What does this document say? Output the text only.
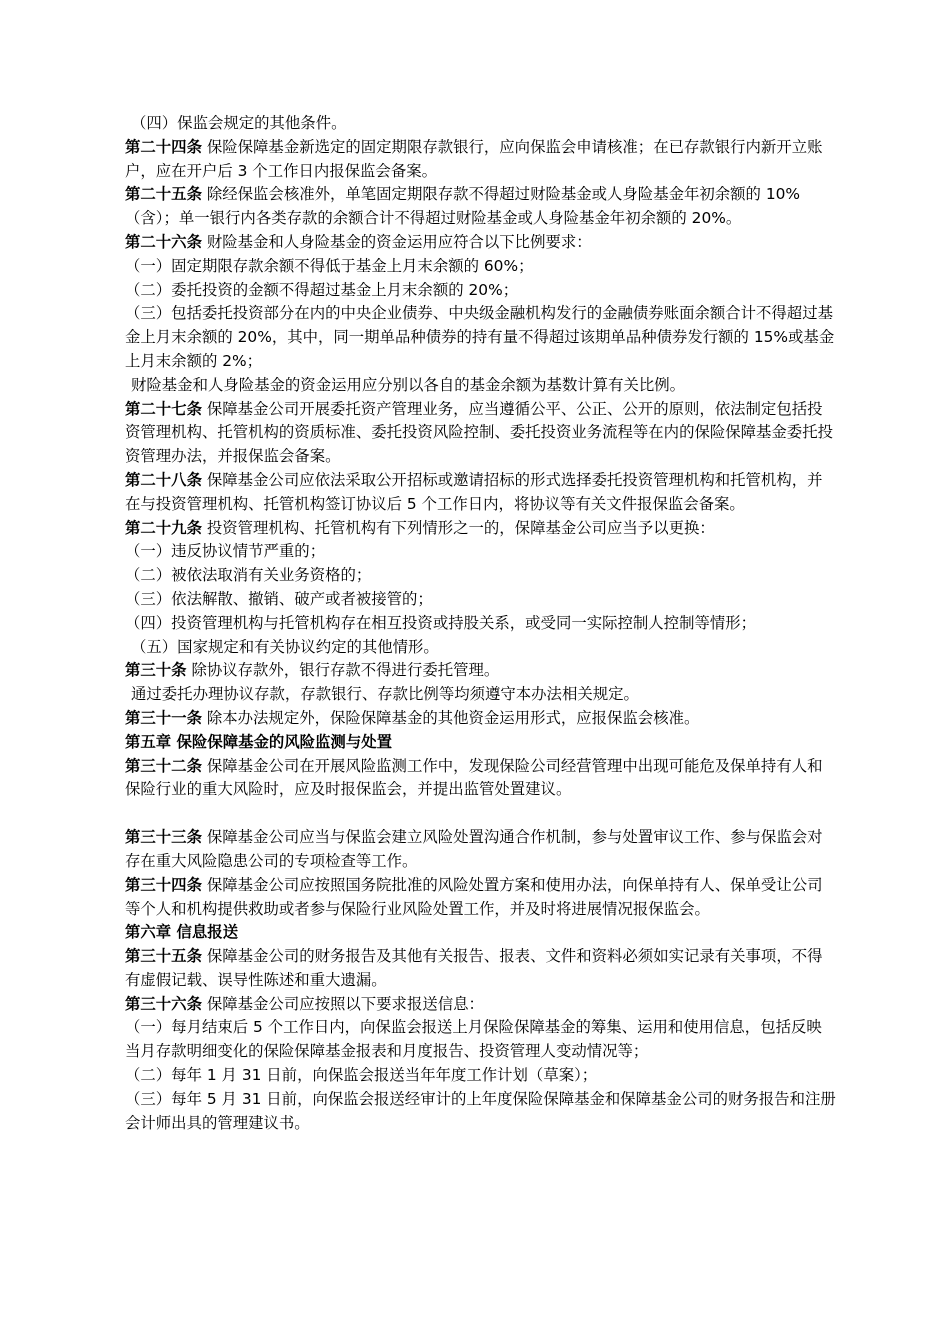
（四）保监会规定的其他条件。

第二十四条 保险保障基金新选定的固定期限存款银行，应向保监会申请核准；在已存款银行内新开立账户，应在开户后 3 个工作日内报保监会备案。

第二十五条 除经保监会核准外，单笔固定期限存款不得超过财险基金或人身险基金年初余额的 10%（含）；单一银行内各类存款的余额合计不得超过财险基金或人身险基金年初余额的 20%。

第二十六条 财险基金和人身险基金的资金运用应符合以下比例要求：

（一）固定期限存款余额不得低于基金上月末余额的 60%；

（二）委托投资的金额不得超过基金上月末余额的 20%；

（三）包括委托投资部分在内的中央企业债券、中央级金融机构发行的金融债券账面余额合计不得超过基金上月末余额的 20%，其中，同一期单品种债券的持有量不得超过该期单品种债券发行额的 15%或基金上月末余额的 2%；

财险基金和人身险基金的资金运用应分别以各自的基金余额为基数计算有关比例。

第二十七条 保障基金公司开展委托资产管理业务，应当遵循公平、公正、公开的原则，依法制定包括投资管理机构、托管机构的资质标准、委托投资风险控制、委托投资业务流程等在内的保险保障基金委托投资管理办法，并报保监会备案。

第二十八条 保障基金公司应依法采取公开招标或邀请招标的形式选择委托投资管理机构和托管机构，并在与投资管理机构、托管机构签订协议后 5 个工作日内，将协议等有关文件报保监会备案。

第二十九条 投资管理机构、托管机构有下列情形之一的，保障基金公司应当予以更换：

（一）违反协议情节严重的；

（二）被依法取消有关业务资格的；

（三）依法解散、撤销、破产或者被接管的；

（四）投资管理机构与托管机构存在相互投资或持股关系，或受同一实际控制人控制等情形；

（五）国家规定和有关协议约定的其他情形。

第三十条 除协议存款外，银行存款不得进行委托管理。

通过委托办理协议存款，存款银行、存款比例等均须遵守本办法相关规定。

第三十一条 除本办法规定外，保险保障基金的其他资金运用形式，应报保监会核准。

第五章 保险保障基金的风险监测与处置

第三十二条 保障基金公司在开展风险监测工作中，发现保险公司经营管理中出现可能危及保单持有人和保险行业的重大风险时，应及时报保监会，并提出监管处置建议。

第三十三条 保障基金公司应当与保监会建立风险处置沟通合作机制，参与处置审议工作、参与保监会对存在重大风险隐患公司的专项检查等工作。

第三十四条 保障基金公司应按照国务院批准的风险处置方案和使用办法，向保单持有人、保单受让公司等个人和机构提供救助或者参与保险行业风险处置工作，并及时将进展情况报保监会。

第六章 信息报送

第三十五条 保障基金公司的财务报告及其他有关报告、报表、文件和资料必须如实记录有关事项，不得有虚假记载、误导性陈述和重大遗漏。

第三十六条 保障基金公司应按照以下要求报送信息：

（一）每月结束后 5 个工作日内，向保监会报送上月保险保障基金的筹集、运用和使用信息，包括反映当月存款明细变化的保险保障基金报表和月度报告、投资管理人变动情况等；

（二）每年 1 月 31 日前，向保监会报送当年年度工作计划（草案）；

（三）每年 5 月 31 日前，向保监会报送经审计的上年度保险保障基金和保障基金公司的财务报告和注册会计师出具的管理建议书。
